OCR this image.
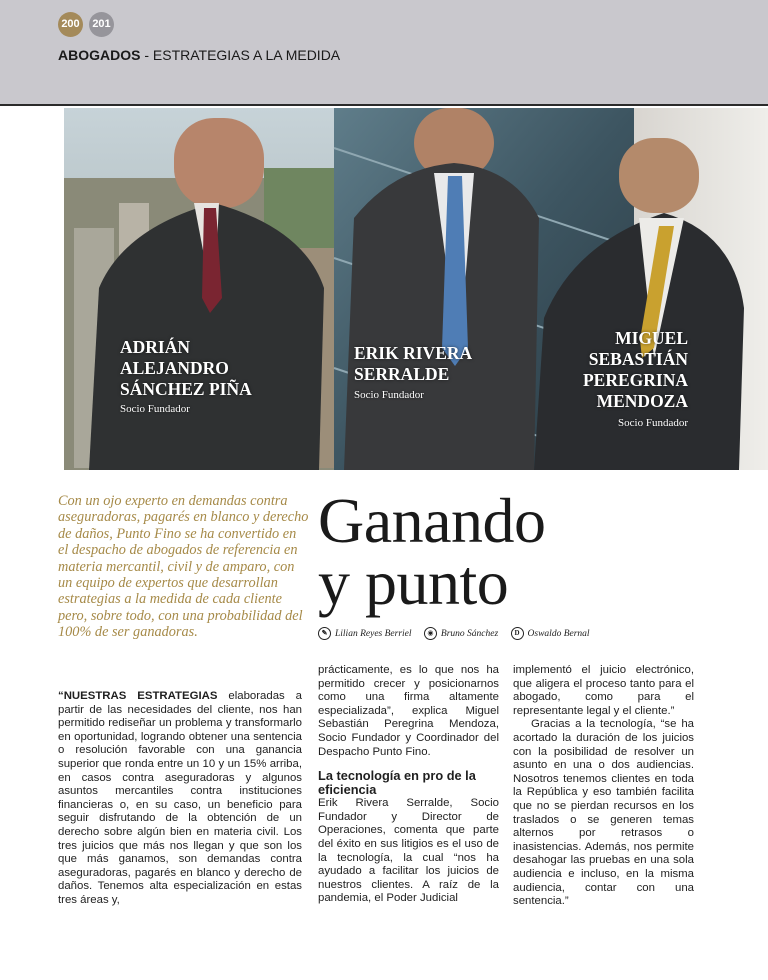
200	201
ABOGADOS - ESTRATEGIAS A LA MEDIDA
ADRIÁN
ALEJANDRO
SÁNCHEZ PIÑA
Socio Fundador
ERIK RIVERA
SERRALDE
Socio Fundador
MIGUEL
SEBASTIÁN
PEREGRINA
MENDOZA
Socio Fundador
Con un ojo experto en demandas contra aseguradoras, pagarés en blanco y derecho de daños, Punto Fino se ha convertido en el despacho de abogados de referencia en materia mercantil, civil y de amparo, con un equipo de expertos que desarrollan estrategias a la medida de cada cliente pero, sobre todo, con una probabilidad del 100% de ser ganadoras.
Ganando
y punto
✎ Lilian Reyes Berriel
	◉ Bruno Sánchez
	D Oswaldo Bernal

“NUESTRAS ESTRATEGIAS elaboradas a partir de las necesidades del cliente, nos han permitido rediseñar un problema y transformarlo en oportunidad, logrando obtener una sentencia o resolución favorable con una ganancia superior que ronda entre un 10 y un 15% arriba, en casos contra aseguradoras y algunos asuntos mercantiles contra instituciones financieras o, en su caso, un beneficio para seguir disfrutando de la obtención de un derecho sobre algún bien en materia civil. Los tres juicios que más nos llegan y que son los que más ganamos, son demandas contra aseguradoras, pagarés en blanco y derecho de daños. Tenemos alta especialización en estas tres áreas y,

prácticamente, es lo que nos ha permitido crecer y posicionarnos como una firma altamente especializada”, explica Miguel Sebastián Peregrina Mendoza, Socio Fundador y Coordinador del Despacho Punto Fino.

La tecnología en pro de la eficiencia

Erik Rivera Serralde, Socio Fundador y Director de Operaciones, comenta que parte del éxito en sus litigios es el uso de la tecnología, la cual “nos ha ayudado a facilitar los juicios de nuestros clientes. A raíz de la pandemia, el Poder Judicial

implementó el juicio electrónico, que aligera el proceso tanto para el abogado, como para el representante legal y el cliente.”

Gracias a la tecnología, “se ha acortado la duración de los juicios con la posibilidad de resolver un asunto en una o dos audiencias. Nosotros tenemos clientes en toda la República y eso también facilita que no se pierdan recursos en los traslados o se generen temas alternos por retrasos o inasistencias. Además, nos permite desahogar las pruebas en una sola audiencia e incluso, en la misma audiencia, contar con una sentencia.”
